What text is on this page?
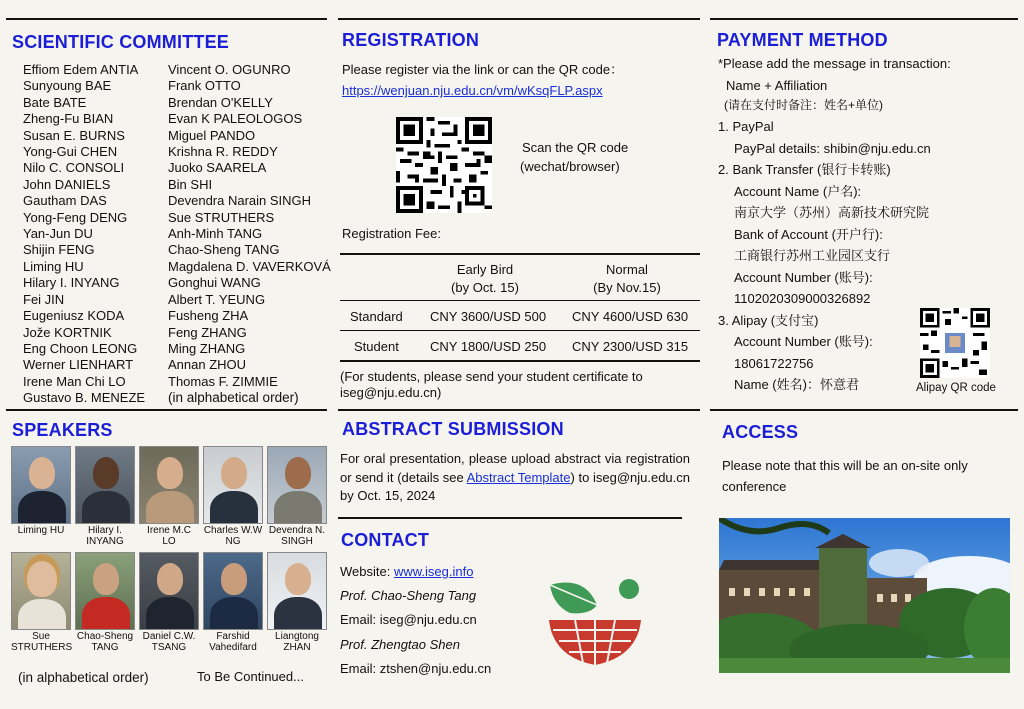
SCIENTIFIC COMMITTEE
Effiom Edem ANTIA
Sunyoung BAE
Bate BATE
Zheng-Fu BIAN
Susan E. BURNS
Yong-Gui CHEN
Nilo C. CONSOLI
John DANIELS
Gautham DAS
Yong-Feng DENG
Yan-Jun DU
Shijin FENG
Liming HU
Hilary I. INYANG
Fei JIN
Eugeniusz KODA
Jože KORTNIK
Eng Choon LEONG
Werner LIENHART
Irene Man Chi LO
Gustavo B. MENEZE
Vincent O. OGUNRO
Frank OTTO
Brendan O'KELLY
Evan K PALEOLOGOS
Miguel PANDO
Krishna R. REDDY
Juoko SAARELA
Bin SHI
Devendra Narain SINGH
Sue STRUTHERS
Anh-Minh TANG
Chao-Sheng TANG
Magdalena D. VAVERKOVÁ
Gonghui WANG
Albert T. YEUNG
Fusheng ZHA
Feng ZHANG
Ming ZHANG
Annan ZHOU
Thomas F. ZIMMIE
(in alphabetical order)
SPEAKERS
Liming HU	Hilary I. INYANG
Irene M.C LO
Charles W.W NG
Devendra N. SINGH
Sue STRUTHERS
Chao-Sheng TANG
Daniel C.W. TSANG
Farshid Vahedifard
Liangtong ZHAN
(in alphabetical order)	To Be Continued...
REGISTRATION
Please register via the link or can the QR code：
https://wenjuan.nju.edu.cn/vm/wKsqFLP.aspx
Scan the QR code
(wechat/browser)
Registration Fee:
Early Bird
(by Oct. 15)
Normal
(By Nov.15)
Standard CNY 3600/USD 500 CNY 4600/USD 630
Student CNY 1800/USD 250 CNY 2300/USD 315
(For students, please send your student certificate to iseg@nju.edu.cn)
ABSTRACT SUBMISSION
For oral presentation, please upload abstract via registration or send it (details see Abstract Template) to iseg@nju.edu.cn by Oct. 15, 2024
CONTACT
Website: www.iseg.info
Prof. Chao-Sheng Tang
Email: iseg@nju.edu.cn
Prof. Zhengtao Shen
Email: ztshen@nju.edu.cn
PAYMENT METHOD
*Please add the message in transaction:
Name + Affiliation
(请在支付时备注：姓名+单位)
1. PayPal
PayPal details: shibin@nju.edu.cn
2. Bank Transfer (银行卡转账)
Account Name (户名):
南京大学（苏州）高新技术研究院
Bank of Account (开户行):
工商银行苏州工业园区支行
Account Number (账号):
1102020309000326892
3. Alipay (支付宝)
Account Number (账号):
18061722756
Name (姓名)：怀意君	Alipay QR code
ACCESS
Please note that this will be an on-site only conference
